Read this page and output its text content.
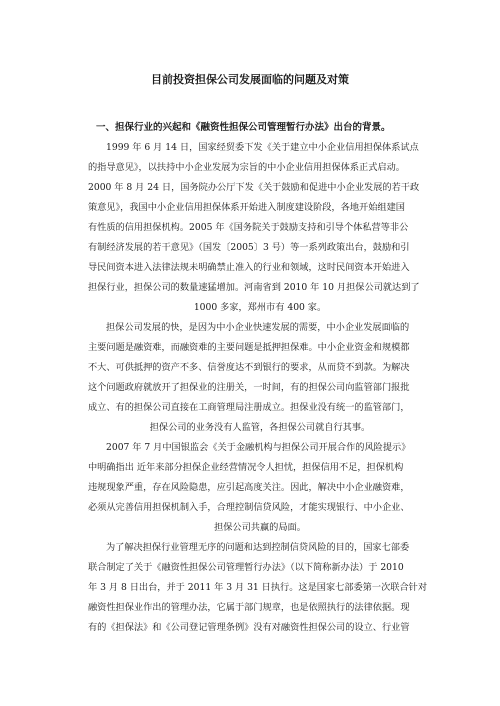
目前投资担保公司发展面临的问题及对策

一、担保行业的兴起和《融资性担保公司管理暂行办法》出台的背景。

1999 年 6 月 14 日，国家经贸委下发《关于建立中小企业信用担保体系试点
的指导意见》，以扶持中小企业发展为宗旨的中小企业信用担保体系正式启动。
2000 年 8 月 24 日，国务院办公厅下发《关于鼓励和促进中小企业发展的若干政
策意见》，我国中小企业信用担保体系开始进入制度建设阶段，各地开始组建国
有性质的信用担保机构。2005 年《国务院关于鼓励支持和引导个体私营等非公
有制经济发展的若干意见》（国发〔2005〕3 号）等一系列政策出台，鼓励和引
导民间资本进入法律法规未明确禁止准入的行业和领域，这时民间资本开始进入
担保行业，担保公司的数量速猛增加。河南省到 2010 年 10 月担保公司就达到了
1000 多家，郑州市有 400 家。

担保公司发展的快，是因为中小企业快速发展的需要，中小企业发展面临的
主要问题是融资难，而融资难的主要问题是抵押担保难。中小企业资金和规模都
不大、可供抵押的资产不多、信誉度达不到银行的要求，从而贷不到款。为解决
这个问题政府就放开了担保业的注册关，一时间，有的担保公司向监管部门报批
成立、有的担保公司直接在工商管理局注册成立。担保业没有统一的监管部门，
担保公司的业务没有人监管，各担保公司就自行其事。

2007 年 7 月中国银监会《关于金融机构与担保公司开展合作的风险提示》
中明确指出 近年来部分担保企业经营情况令人担忧，担保信用不足，担保机构
违规现象严重，存在风险隐患，应引起高度关注。因此，解决中小企业融资难，
必须从完善信用担保机制入手，合理控制信贷风险，才能实现银行、中小企业、
担保公司共赢的局面。

为了解决担保行业管理无序的问题和达到控制信贷风险的目的，国家七部委
联合制定了关于《融资性担保公司管理暂行办法》（以下简称新办法）于 2010
年 3 月 8 日出台，并于 2011 年 3 月 31 日执行。这是国家七部委第一次联合针对
融资性担保业作出的管理办法，它属于部门规章，也是依照执行的法律依据。现
有的《担保法》和《公司登记管理条例》没有对融资性担保公司的设立、行业管
